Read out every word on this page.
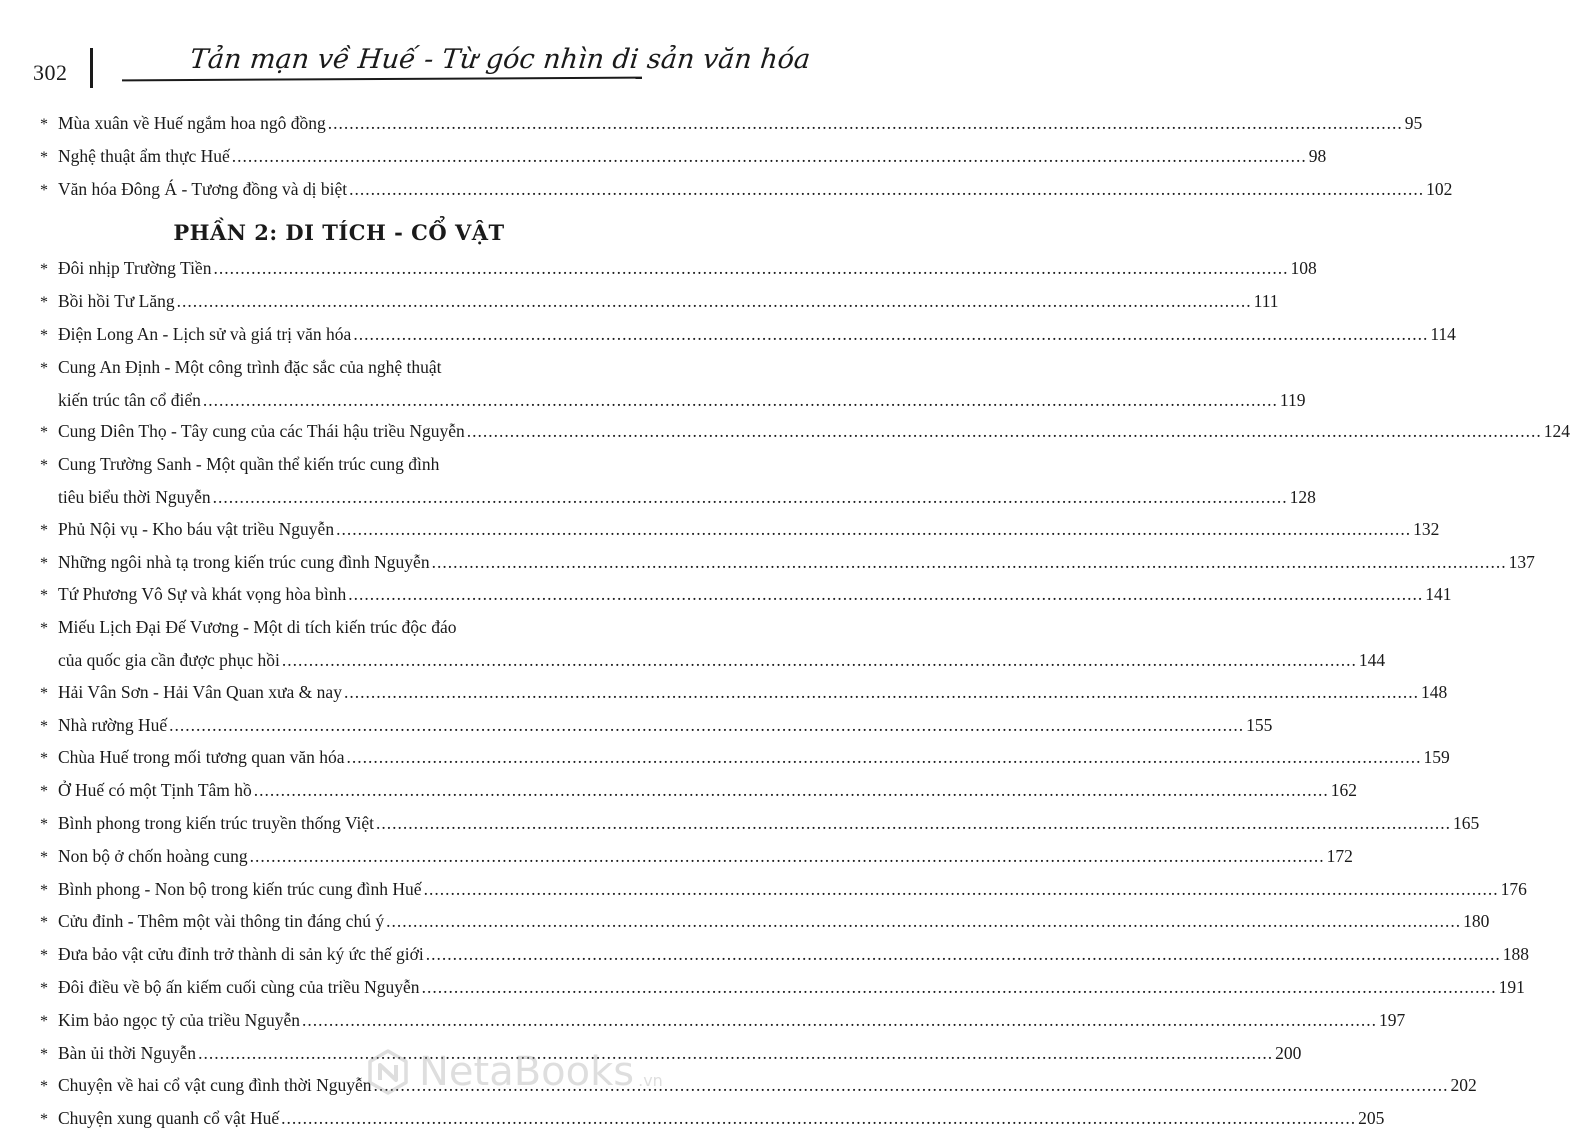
302	Tản mạn về Huế - Từ góc nhìn di sản văn hóa
* Mùa xuân về Huế ngắm hoa ngô đồng .....	95
* Nghệ thuật ẩm thực Huế .....	98
* Văn hóa Đông Á - Tương đồng và dị biệt .....	102
PHẦN 2: DI TÍCH - CỔ VẬT
* Đôi nhịp Trường Tiền .....	108
* Bồi hồi Tư Lăng .....	111
* Điện Long An - Lịch sử và giá trị văn hóa .....	114
* Cung An Định - Một công trình đặc sắc của nghệ thuật
kiến trúc tân cổ điển .....	119
* Cung Diên Thọ - Tây cung của các Thái hậu triều Nguyễn .....	124
* Cung Trường Sanh - Một quần thể kiến trúc cung đình
tiêu biểu thời Nguyễn .....	128
* Phủ Nội vụ - Kho báu vật triều Nguyễn .....	132
* Những ngôi nhà tạ trong kiến trúc cung đình Nguyễn .....	137
* Tứ Phương Vô Sự và khát vọng hòa bình .....	141
* Miếu Lịch Đại Đế Vương - Một di tích kiến trúc độc đáo
của quốc gia cần được phục hồi .....	144
* Hải Vân Sơn - Hải Vân Quan xưa & nay .....	148
* Nhà rường Huế .....	155
* Chùa Huế trong mối tương quan văn hóa .....	159
* Ở Huế có một Tịnh Tâm hồ .....	162
* Bình phong trong kiến trúc truyền thống Việt .....	165
* Non bộ ở chốn hoàng cung .....	172
* Bình phong - Non bộ trong kiến trúc cung đình Huế .....	176
* Cửu đỉnh - Thêm một vài thông tin đáng chú ý .....	180
* Đưa bảo vật cửu đỉnh trở thành di sản ký ức thế giới .....	188
* Đôi điều về bộ ấn kiếm cuối cùng của triều Nguyễn .....	191
* Kim bảo ngọc tỷ của triều Nguyễn .....	197
* Bàn ủi thời Nguyễn .....	200
* Chuyện về hai cổ vật cung đình thời Nguyễn .....	202
* Chuyện xung quanh cổ vật Huế .....	205
NetaBooks .vn
